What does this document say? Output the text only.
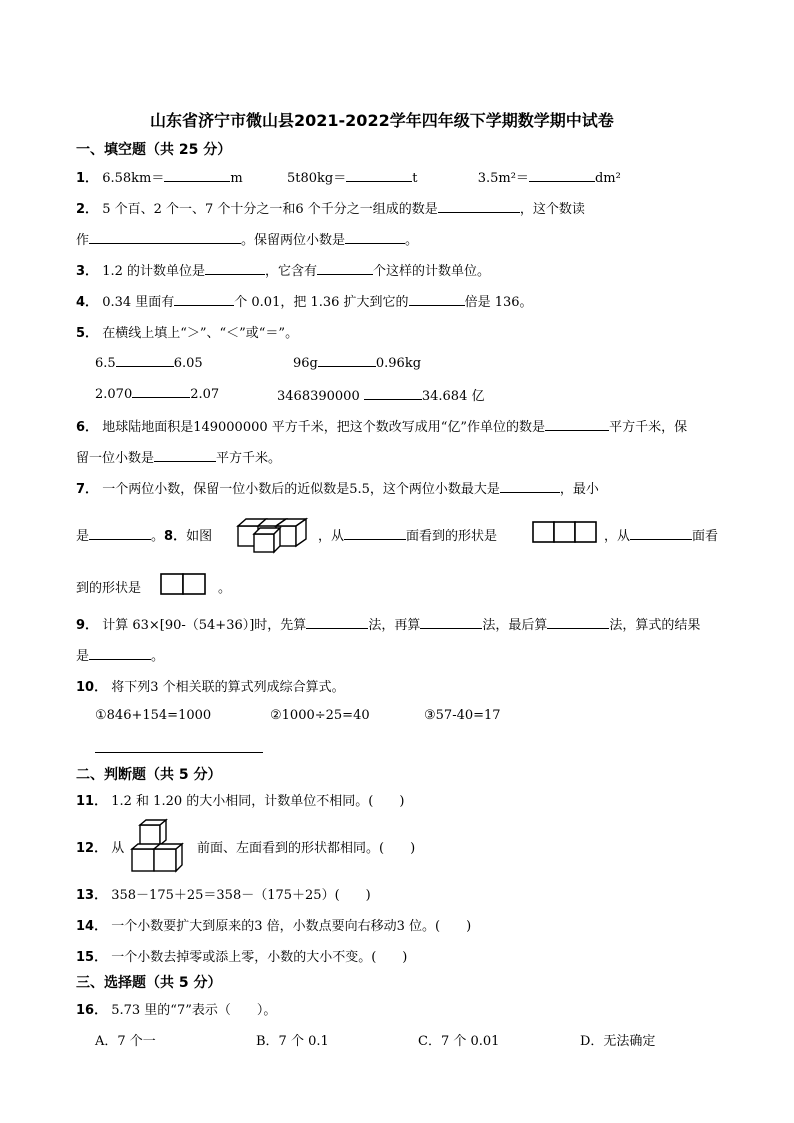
山东省济宁市微山县2021-2022学年四年级下学期数学期中试卷
一、填空题（共 25 分）
1． 6.58km＝	m	5t80kg＝	t	3.5m²＝	dm²
2． 5 个百、2 个一、7 个十分之一和6 个千分之一组成的数是	，这个数读
作	。保留两位小数是	。
3． 1.2 的计数单位是	，它含有	个这样的计数单位。
4． 0.34 里面有	个 0.01，把 1.36 扩大到它的	倍是 136。
5． 在横线上填上“＞”、“＜”或“＝”。
6.5	6.05	96g	0.96kg
2.070	2.07	3468390000	34.684 亿
6． 地球陆地面积是149000000 平方千米，把这个数改写成用“亿”作单位的数是	平方千米，保
留一位小数是	平方千米。
7． 一个两位小数，保留一位小数后的近似数是5.5，这个两位小数最大是	，最小
是	。8．如图	，从	面看到的形状是	，从	面看
到的形状是	。
9． 计算 63×[90-（54+36）]时，先算	法，再算	法，最后算	法，算式的结果
是	。
10． 将下列3 个相关联的算式列成综合算式。
①846+154=1000	②1000÷25=40	③57-40=17
二、判断题（共 5 分）
11． 1.2 和 1.20 的大小相同，计数单位不相同。(　　)
12． 从	前面、左面看到的形状都相同。(　　)
13． 358－175＋25＝358－（175＋25）(　　)
14． 一个小数要扩大到原来的3 倍，小数点要向右移动3 位。(　　)
15． 一个小数去掉零或添上零，小数的大小不变。(　　)
三、选择题（共 5 分）
16． 5.73 里的“7”表示（　　）。
A．7 个一	B．7 个 0.1	C．7 个 0.01	D．无法确定
